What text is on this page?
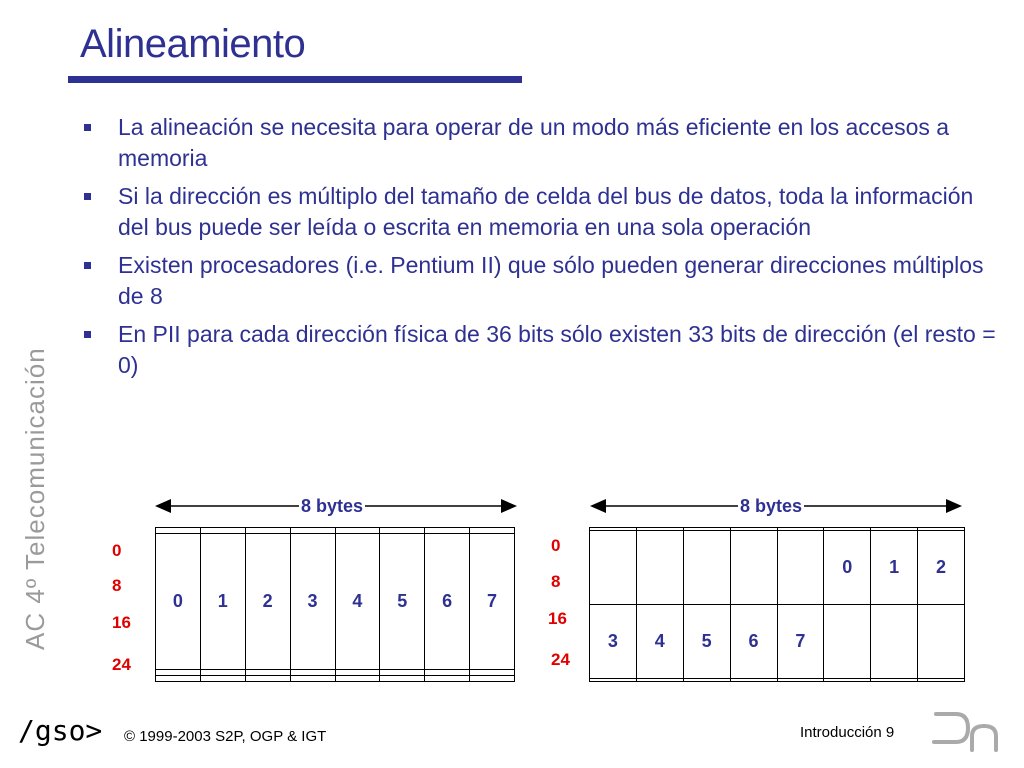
Alineamiento
AC 4º Telecomunicación
La alineación se necesita para operar de un modo más eficiente en los accesos a memoria
Si la dirección es múltiplo del tamaño de celda del bus de datos, toda la información del bus puede ser leída o escrita en memoria en una sola operación
Existen procesadores (i.e. Pentium II) que sólo pueden generar direcciones múltiplos de 8
En PII para cada dirección física de 36 bits sólo existen 33 bits de dirección (el resto = 0)
8 bytes

0	1	2	3	4	5	6	7

0
8
16
24
8 bytes

					0	1	2
3	4	5	6	7			

0
8
16
24
/gso> © 1999-2003 S2P, OGP & IGT	Introducción 9
